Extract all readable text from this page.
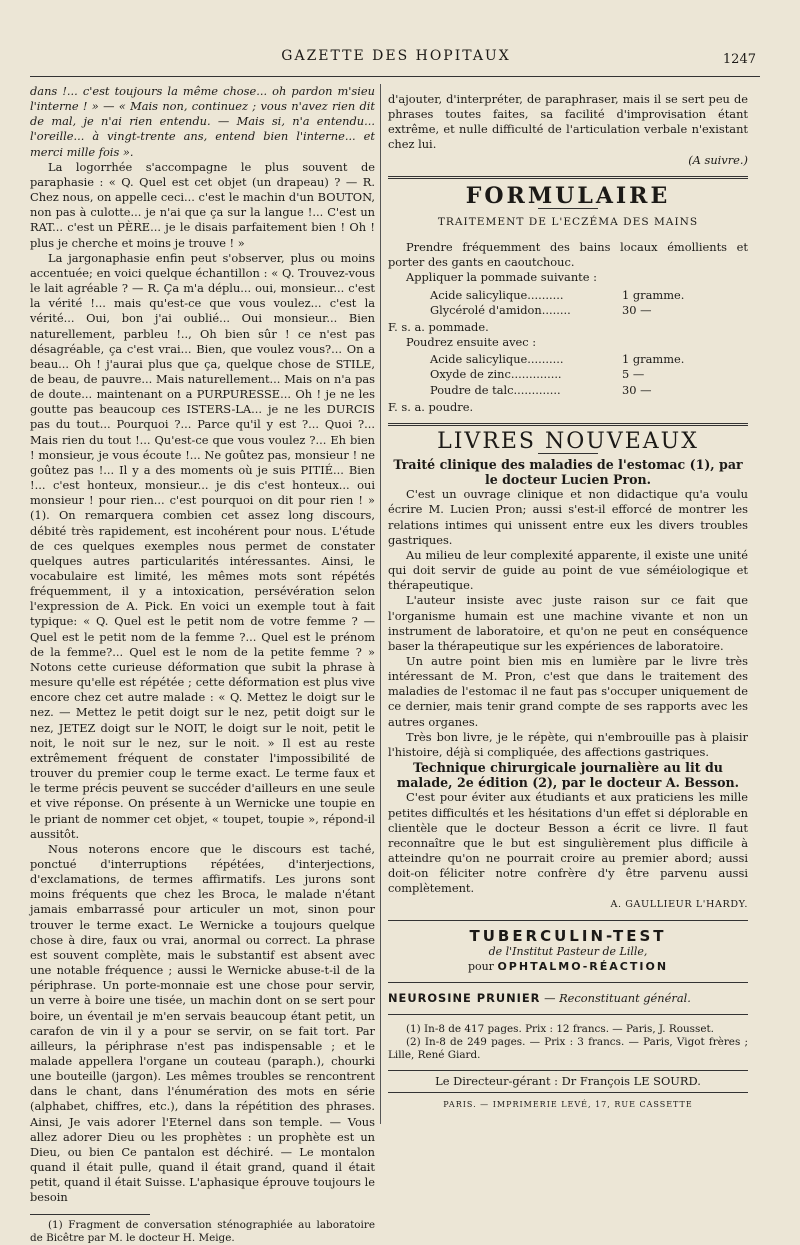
GAZETTE DES HOPITAUX	1247

dans !... c'est toujours la même chose... oh pardon m'sieu l'interne ! » — « Mais non, continuez ; vous n'avez rien dit de mal, je n'ai rien entendu. — Mais si, n'a entendu... l'oreille... à vingt-trente ans, entend bien l'interne... et merci mille fois ».

La logorrhée s'accompagne le plus souvent de paraphasie : « Q. Quel est cet objet (un drapeau) ? — R. Chez nous, on appelle ceci... c'est le machin d'un BOUTON, non pas à culotte... je n'ai que ça sur la langue !... C'est un RAT... c'est un PÈRE... je le disais parfaitement bien ! Oh ! plus je cherche et moins je trouve ! »

La jargonaphasie enfin peut s'observer, plus ou moins accentuée; en voici quelque échantillon : « Q. Trouvez-vous le lait agréable ? — R. Ça m'a déplu... oui, monsieur... c'est la vérité !... mais qu'est-ce que vous voulez... c'est la vérité... Oui, bon j'ai oublié... Oui monsieur... Bien naturellement, parbleu !.., Oh bien sûr ! ce n'est pas désagréable, ça c'est vrai... Bien, que voulez vous?... On a beau... Oh ! j'aurai plus que ça, quelque chose de STILE, de beau, de pauvre... Mais naturellement... Mais on n'a pas de doute... maintenant on a PURPURESSE... Oh ! je ne les goutte pas beaucoup ces ISTERS-LA... je ne les DURCIS pas du tout... Pourquoi ?... Parce qu'il y est ?... Quoi ?... Mais rien du tout !... Qu'est-ce que vous voulez ?... Eh bien ! monsieur, je vous écoute !... Ne goûtez pas, monsieur ! ne goûtez pas !... Il y a des moments où je suis PITIÉ... Bien !... c'est honteux, monsieur... je dis c'est honteux... oui monsieur ! pour rien... c'est pourquoi on dit pour rien ! » (1). On remarquera combien cet assez long discours, débité très rapidement, est incohérent pour nous. L'étude de ces quelques exemples nous permet de constater quelques autres particularités intéressantes. Ainsi, le vocabulaire est limité, les mêmes mots sont répétés fréquemment, il y a intoxication, persévération selon l'expression de A. Pick. En voici un exemple tout à fait typique: « Q. Quel est le petit nom de votre femme ? — Quel est le petit nom de la femme ?... Quel est le prénom de la femme?... Quel est le nom de la petite femme ? » Notons cette curieuse déformation que subit la phrase à mesure qu'elle est répétée ; cette déformation est plus vive encore chez cet autre malade : « Q. Mettez le doigt sur le nez. — Mettez le petit doigt sur le nez, petit doigt sur le nez, JETEZ doigt sur le NOIT, le doigt sur le noit, petit le noit, le noit sur le nez, sur le noit. » Il est au reste extrêmement fréquent de constater l'impossibilité de trouver du premier coup le terme exact. Le terme faux et le terme précis peuvent se succéder d'ailleurs en une seule et vive réponse. On présente à un Wernicke une toupie en le priant de nommer cet objet, « toupet, toupie », répond-il aussitôt.

Nous noterons encore que le discours est taché, ponctué d'interruptions répétées, d'interjections, d'exclamations, de termes affirmatifs. Les jurons sont moins fréquents que chez les Broca, le malade n'étant jamais embarrassé pour articuler un mot, sinon pour trouver le terme exact. Le Wernicke a toujours quelque chose à dire, faux ou vrai, anormal ou correct. La phrase est souvent complète, mais le substantif est absent avec une notable fréquence ; aussi le Wernicke abuse-t-il de la périphrase. Un porte-monnaie est une chose pour servir, un verre à boire une tisée, un machin dont on se sert pour boire, un éventail je m'en servais beaucoup étant petit, un carafon de vin il y a pour se servir, on se fait tort. Par ailleurs, la périphrase n'est pas indispensable ; et le malade appellera l'organe un couteau (paraph.), chourki une bouteille (jargon). Les mêmes troubles se rencontrent dans le chant, dans l'énumération des mots en série (alphabet, chiffres, etc.), dans la répétition des phrases. Ainsi, Je vais adorer l'Eternel dans son temple. — Vous allez adorer Dieu ou les prophètes : un prophète est un Dieu, ou bien Ce pantalon est déchiré. — Le montalon quand il était pulle, quand il était grand, quand il était petit, quand il était Suisse. L'aphasique éprouve toujours le besoin

(1) Fragment de conversation sténographiée au laboratoire de Bicêtre par M. le docteur H. Meige.

d'ajouter, d'interpréter, de paraphraser, mais il se sert peu de phrases toutes faites, sa facilité d'improvisation étant extrême, et nulle difficulté de l'articulation verbale n'existant chez lui.

(A suivre.)

FORMULAIRE
TRAITEMENT DE L'ECZÉMA DES MAINS

Prendre fréquemment des bains locaux émollients et porter des gants en caoutchouc.

Appliquer la pommade suivante :

Acide salicylique..........	1 gramme.
Glycérolé d'amidon........	30 —

F. s. a. pommade.

Poudrez ensuite avec :

Acide salicylique..........	1 gramme.
Oxyde de zinc..............	5 —
Poudre de talc.............	30 —

F. s. a. poudre.

LIVRES NOUVEAUX

Traité clinique des maladies de l'estomac (1), par le docteur Lucien Pron.

C'est un ouvrage clinique et non didactique qu'a voulu écrire M. Lucien Pron; aussi s'est-il efforcé de montrer les relations intimes qui unissent entre eux les divers troubles gastriques.

Au milieu de leur complexité apparente, il existe une unité qui doit servir de guide au point de vue séméiologique et thérapeutique.

L'auteur insiste avec juste raison sur ce fait que l'organisme humain est une machine vivante et non un instrument de laboratoire, et qu'on ne peut en conséquence baser la thérapeutique sur les expériences de laboratoire.

Un autre point bien mis en lumière par le livre très intéressant de M. Pron, c'est que dans le traitement des maladies de l'estomac il ne faut pas s'occuper uniquement de ce dernier, mais tenir grand compte de ses rapports avec les autres organes.

Très bon livre, je le répète, qui n'embrouille pas à plaisir l'histoire, déjà si compliquée, des affections gastriques.

Technique chirurgicale journalière au lit du malade, 2e édition (2), par le docteur A. Besson.

C'est pour éviter aux étudiants et aux praticiens les mille petites difficultés et les hésitations d'un effet si déplorable en clientèle que le docteur Besson a écrit ce livre. Il faut reconnaître que le but est singulièrement plus difficile à atteindre qu'on ne pourrait croire au premier abord; aussi doit-on féliciter notre confrère d'y être parvenu aussi complètement.

A. GAULLIEUR L'HARDY.

TUBERCULIN-TEST
de l'Institut Pasteur de Lille,
pour OPHTALMO-RÉACTION

NEUROSINE PRUNIER — Reconstituant général.

(1) In-8 de 417 pages. Prix : 12 francs. — Paris, J. Rousset.

(2) In-8 de 249 pages. — Prix : 3 francs. — Paris, Vigot frères ; Lille, René Giard.

Le Directeur-gérant : Dr François LE SOURD.
PARIS. — IMPRIMERIE LEVÉ, 17, RUE CASSETTE
